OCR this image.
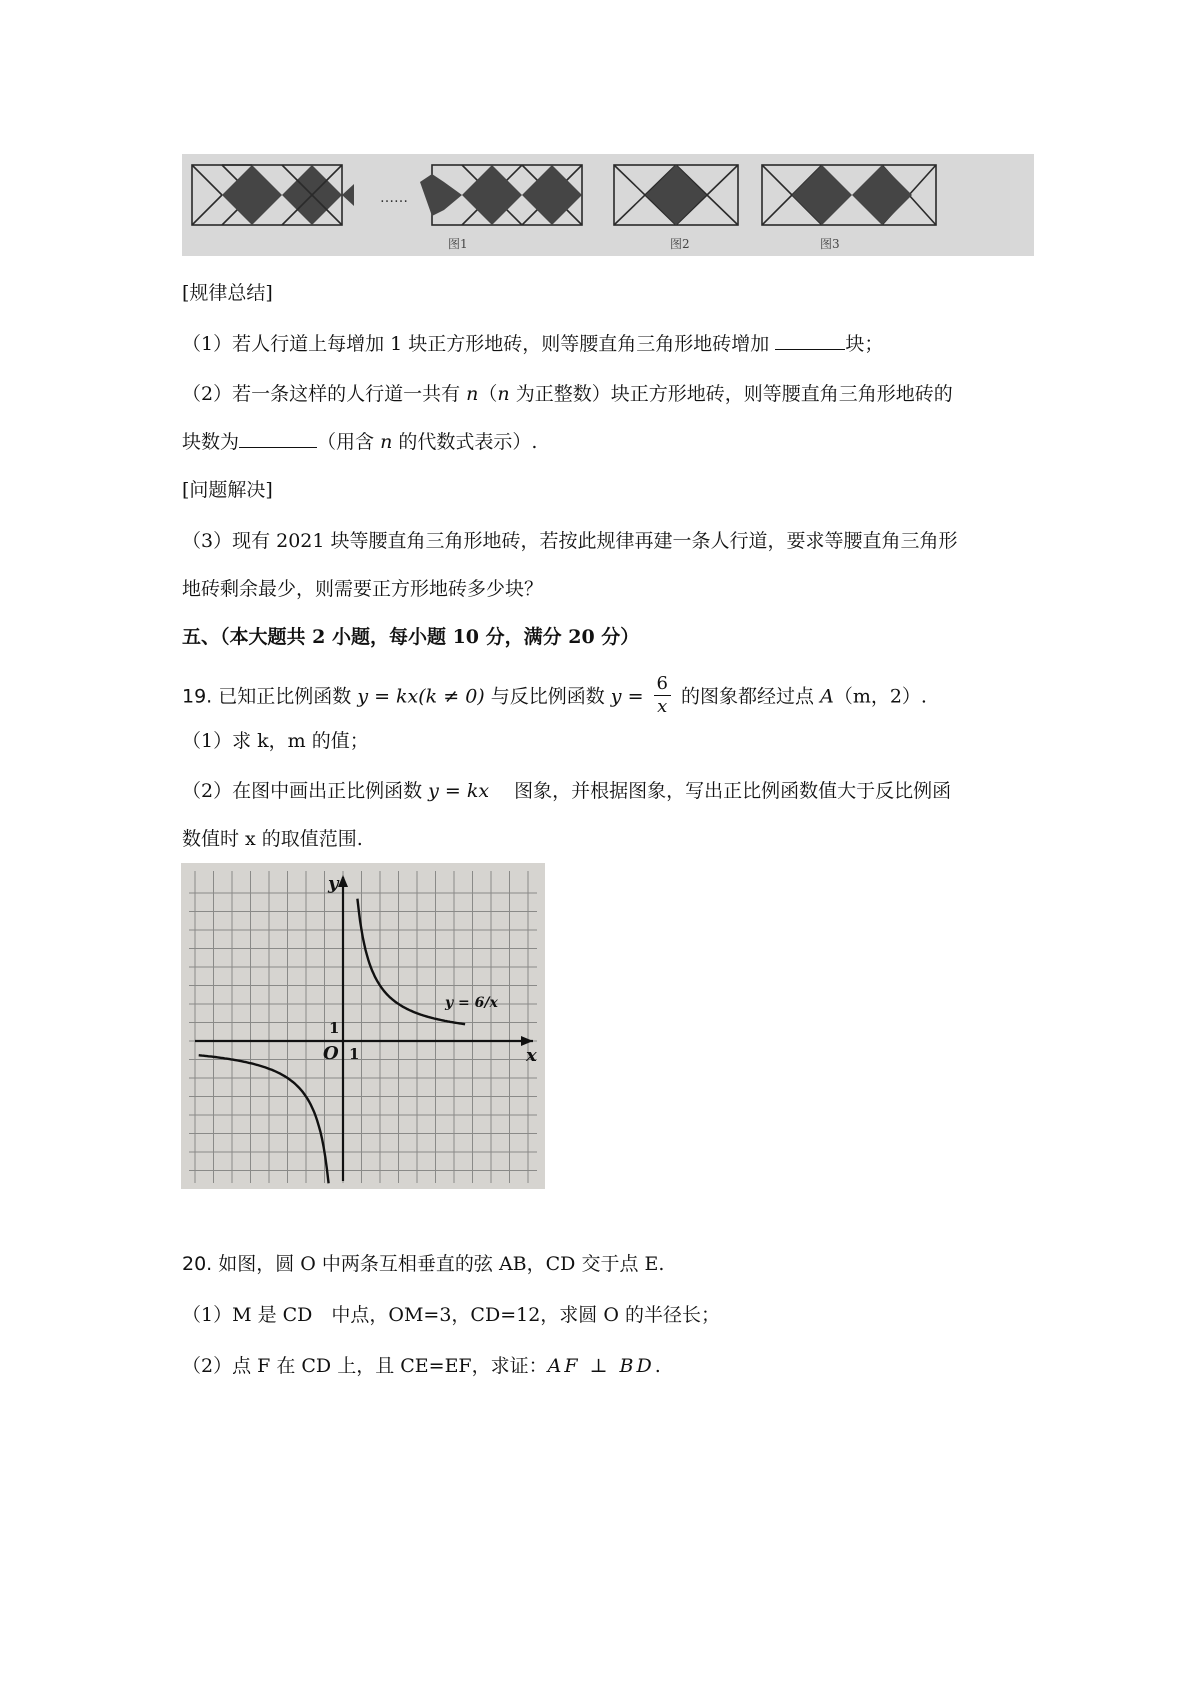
……
图1	图2	图3
[规律总结]
（1）若人行道上每增加 1 块正方形地砖，则等腰直角三角形地砖增加	块；
（2）若一条这样的人行道一共有 n（n 为正整数）块正方形地砖，则等腰直角三角形地砖的
块数为	（用含 n 的代数式表示）.
[问题解决]
（3）现有 2021 块等腰直角三角形地砖，若按此规律再建一条人行道，要求等腰直角三角形
地砖剩余最少，则需要正方形地砖多少块？
五、（本大题共 2 小题，每小题 10 分，满分 20 分）
19. 已知正比例函数 y = kx(k ≠ 0) 与反比例函数 $y = \frac{6}{x}$ 的图象都经过点 A（m，2）.
（1）求 k，m 的值；
（2）在图中画出正比例函数 y = kx　 图象，并根据图象，写出正比例函数值大于反比例函
数值时 x 的取值范围.
x
y
O 1
1
y = 6/x
20. 如图，圆 O 中两条互相垂直的弦 AB，CD 交于点 E.
（1）M 是 CD　中点，OM=3，CD=12，求圆 O 的半径长；
（2）点 F 在 CD 上，且 CE=EF，求证：AF ⊥ BD.
